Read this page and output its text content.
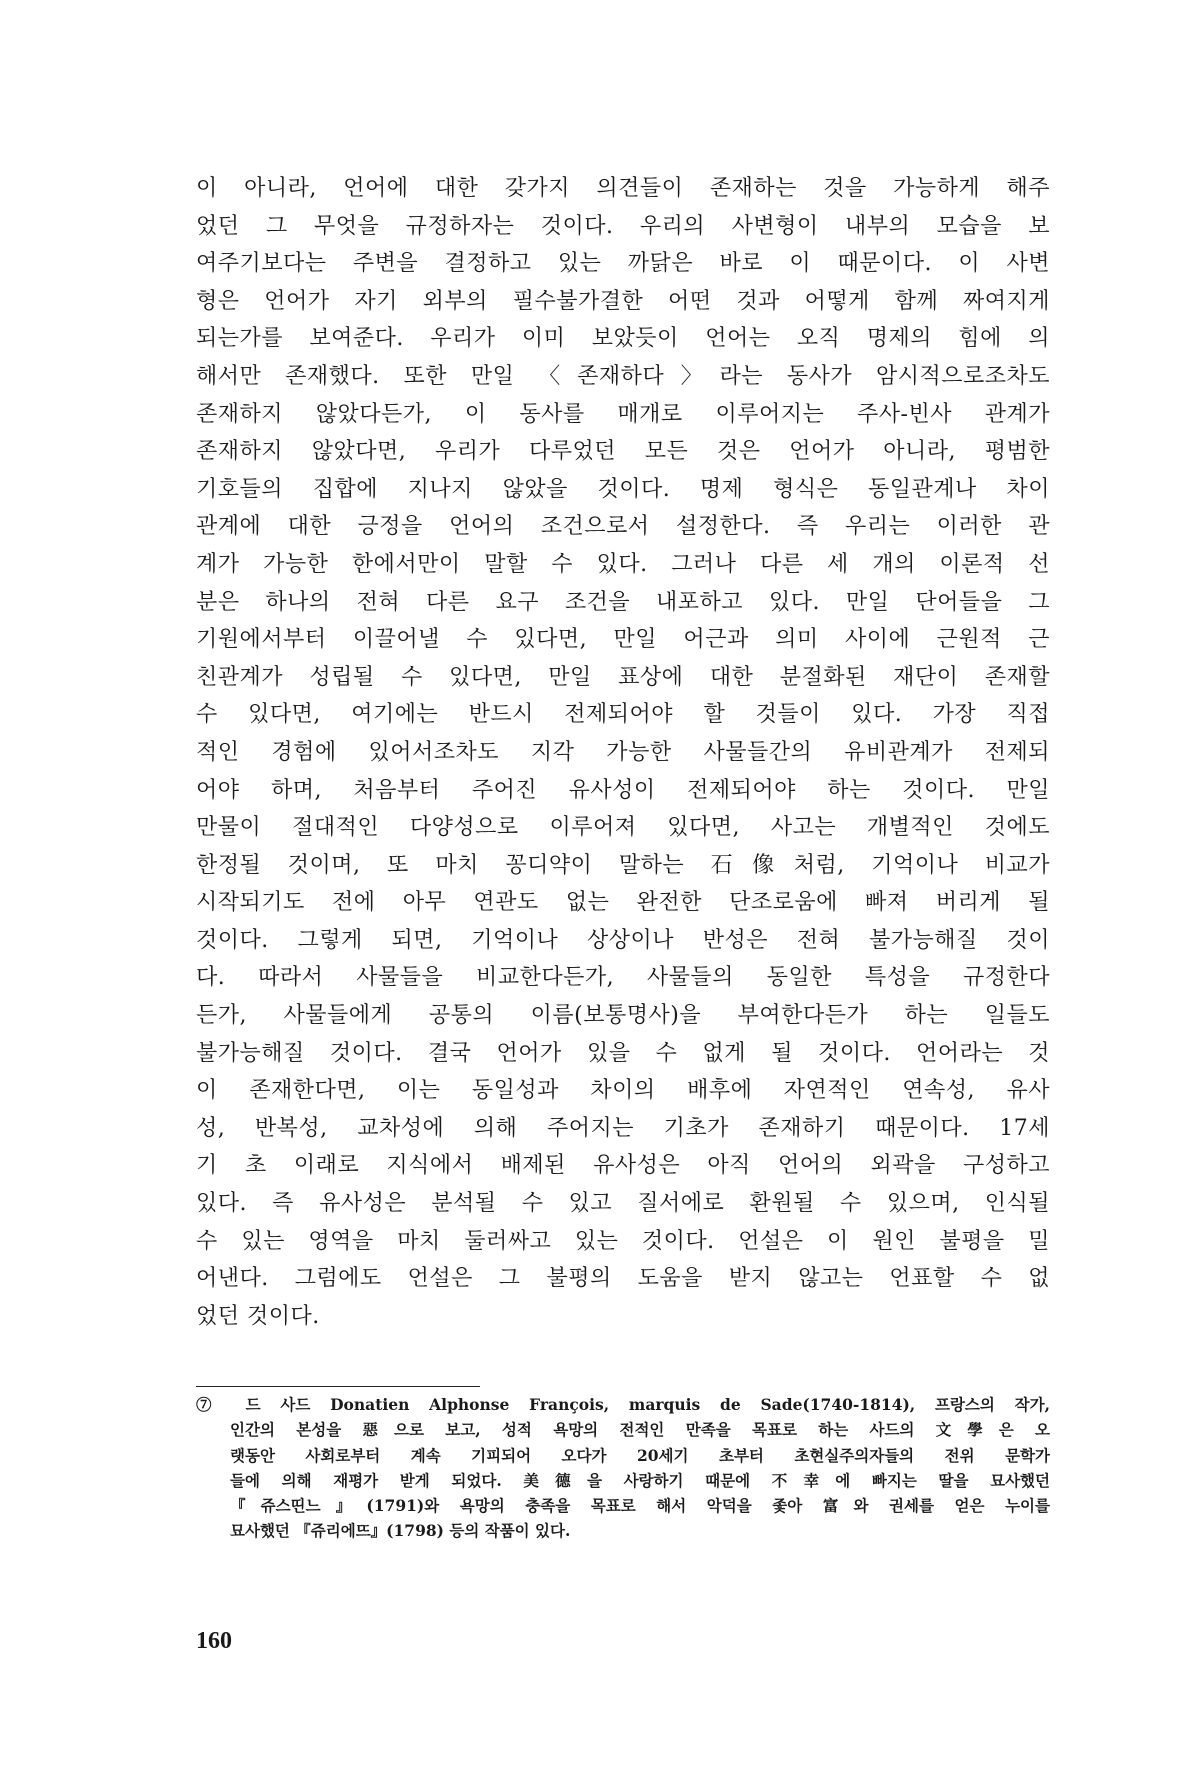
이 아니라, 언어에 대한 갖가지 의견들이 존재하는 것을 가능하게 해주
었던 그 무엇을 규정하자는 것이다. 우리의 사변형이 내부의 모습을 보
여주기보다는 주변을 결정하고 있는 까닭은 바로 이 때문이다. 이 사변
형은 언어가 자기 외부의 필수불가결한 어떤 것과 어떻게 함께 짜여지게
되는가를 보여준다. 우리가 이미 보았듯이 언어는 오직 명제의 힘에 의
해서만 존재했다. 또한 만일 〈존재하다〉라는 동사가 암시적으로조차도
존재하지 않았다든가, 이 동사를 매개로 이루어지는 주사-빈사 관계가
존재하지 않았다면, 우리가 다루었던 모든 것은 언어가 아니라, 평범한
기호들의 집합에 지나지 않았을 것이다. 명제 형식은 동일관계나 차이
관계에 대한 긍정을 언어의 조건으로서 설정한다. 즉 우리는 이러한 관
계가 가능한 한에서만이 말할 수 있다. 그러나 다른 세 개의 이론적 선
분은 하나의 전혀 다른 요구 조건을 내포하고 있다. 만일 단어들을 그
기원에서부터 이끌어낼 수 있다면, 만일 어근과 의미 사이에 근원적 근
친관계가 성립될 수 있다면, 만일 표상에 대한 분절화된 재단이 존재할
수 있다면, 여기에는 반드시 전제되어야 할 것들이 있다. 가장 직접
적인 경험에 있어서조차도 지각 가능한 사물들간의 유비관계가 전제되
어야 하며, 처음부터 주어진 유사성이 전제되어야 하는 것이다. 만일
만물이 절대적인 다양성으로 이루어져 있다면, 사고는 개별적인 것에도
한정될 것이며, 또 마치 꽁디약이 말하는 石像처럼, 기억이나 비교가
시작되기도 전에 아무 연관도 없는 완전한 단조로움에 빠져 버리게 될
것이다. 그렇게 되면, 기억이나 상상이나 반성은 전혀 불가능해질 것이
다. 따라서 사물들을 비교한다든가, 사물들의 동일한 특성을 규정한다
든가, 사물들에게 공통의 이름(보통명사)을 부여한다든가 하는 일들도
불가능해질 것이다. 결국 언어가 있을 수 없게 될 것이다. 언어라는 것
이 존재한다면, 이는 동일성과 차이의 배후에 자연적인 연속성, 유사
성, 반복성, 교차성에 의해 주어지는 기초가 존재하기 때문이다. 17세
기 초 이래로 지식에서 배제된 유사성은 아직 언어의 외곽을 구성하고
있다. 즉 유사성은 분석될 수 있고 질서에로 환원될 수 있으며, 인식될
수 있는 영역을 마치 둘러싸고 있는 것이다. 언설은 이 원인 불평을 밀
어낸다. 그럼에도 언설은 그 불평의 도움을 받지 않고는 언표할 수 없
었던 것이다.
⑦ 드 사드 Donatien Alphonse François, marquis de Sade(1740-1814), 프랑스의 작가,
인간의 본성을 惡으로 보고, 성적 욕망의 전적인 만족을 목표로 하는 사드의 文學은 오
랫동안 사회로부터 계속 기피되어 오다가 20세기 초부터 초현실주의자들의 전위 문학가
들에 의해 재평가 받게 되었다. 美德을 사랑하기 때문에 不幸에 빠지는 딸을 묘사했던
『쥬스띤느』(1791)와 욕망의 충족을 목표로 해서 악덕을 좇아 富와 권세를 얻은 누이를
묘사했던 『쥬리에뜨』(1798) 등의 작품이 있다.
160
